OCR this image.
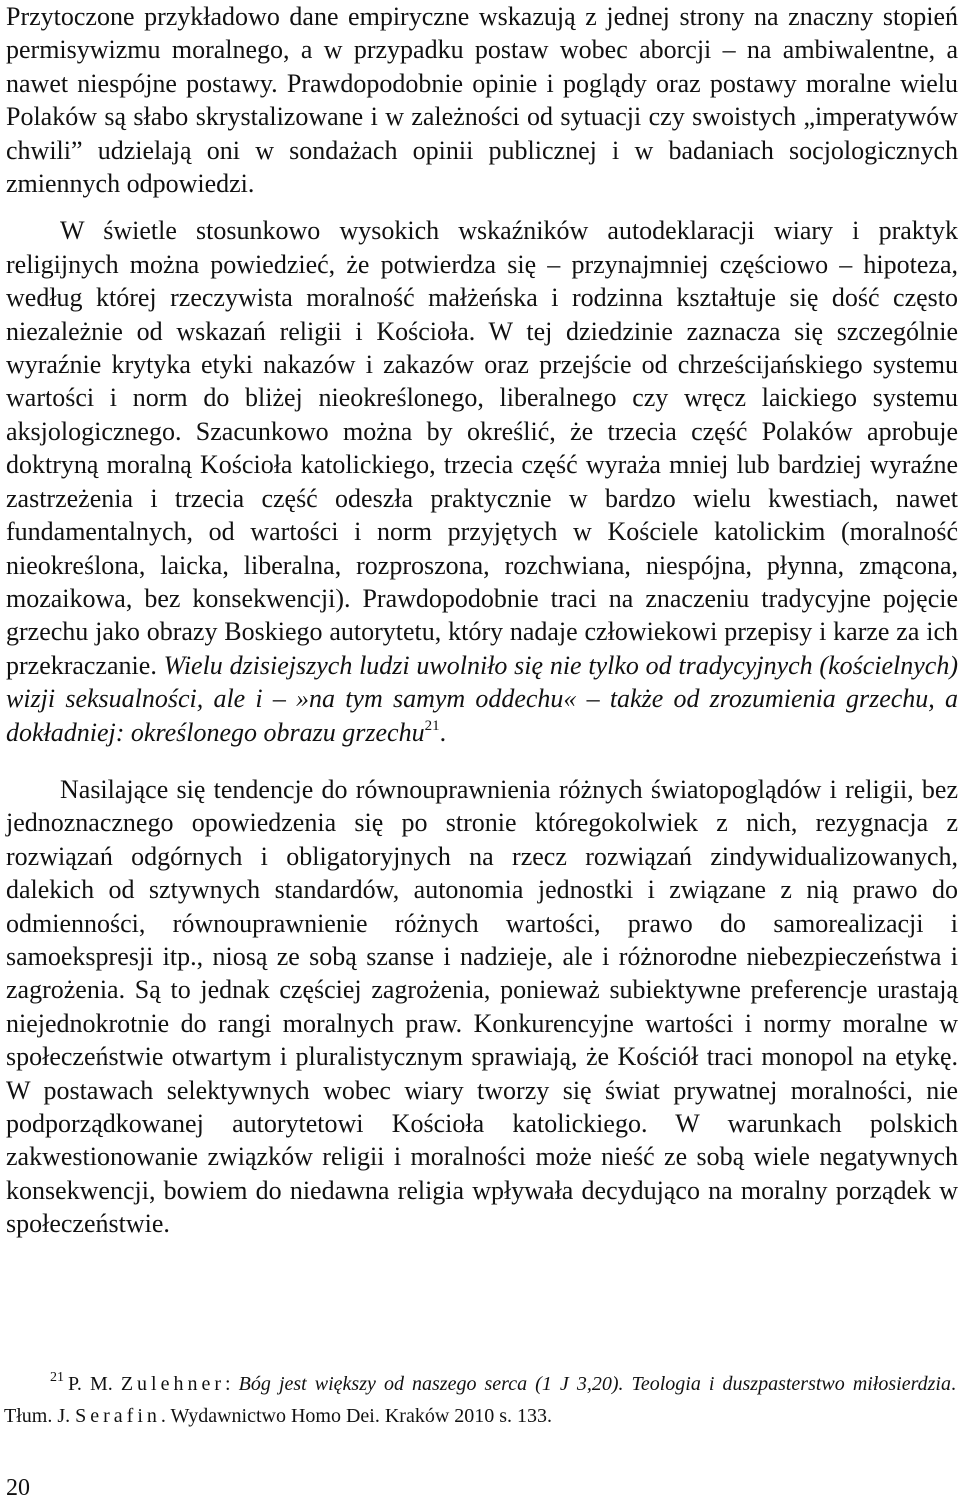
Przytoczone przykładowo dane empiryczne wskazują z jednej strony na znaczny stopień permisywizmu moralnego, a w przypadku postaw wobec aborcji – na ambiwalentne, a nawet niespójne postawy. Prawdopodobnie opinie i poglądy oraz postawy moralne wielu Polaków są słabo skrystalizowane i w zależności od sytuacji czy swoistych „imperatywów chwili” udzielają oni w sondażach opinii publicznej i w badaniach socjologicznych zmiennych odpowiedzi.

W świetle stosunkowo wysokich wskaźników autodeklaracji wiary i praktyk religijnych można powiedzieć, że potwierdza się – przynajmniej częściowo – hipoteza, według której rzeczywista moralność małżeńska i rodzinna kształtuje się dość często niezależnie od wskazań religii i Kościoła. W tej dziedzinie zaznacza się szczególnie wyraźnie krytyka etyki nakazów i zakazów oraz przejście od chrześcijańskiego systemu wartości i norm do bliżej nieokreślonego, liberalnego czy wręcz laickiego systemu aksjologicznego. Szacunkowo można by określić, że trzecia część Polaków aprobuje doktryną moralną Kościoła katolickiego, trzecia część wyraża mniej lub bardziej wyraźne zastrzeżenia i trzecia część odeszła praktycznie w bardzo wielu kwestiach, nawet fundamentalnych, od wartości i norm przyjętych w Kościele katolickim (moralność nieokreślona, laicka, liberalna, rozproszona, rozchwiana, niespójna, płynna, zmącona, mozaikowa, bez konsekwencji). Prawdopodobnie traci na znaczeniu tradycyjne pojęcie grzechu jako obrazy Boskiego autorytetu, który nadaje człowiekowi przepisy i karze za ich przekraczanie. Wielu dzisiejszych ludzi uwolniło się nie tylko od tradycyjnych (kościelnych) wizji seksualności, ale i – »na tym samym oddechu« – także od zrozumienia grzechu, a dokładniej: określonego obrazu grzechu$^{21}$.

Nasilające się tendencje do równouprawnienia różnych światopoglądów i religii, bez jednoznacznego opowiedzenia się po stronie któregokolwiek z nich, rezygnacja z rozwiązań odgórnych i obligatoryjnych na rzecz rozwiązań zindywidualizowanych, dalekich od sztywnych standardów, autonomia jednostki i związane z nią prawo do odmienności, równouprawnienie różnych wartości, prawo do samorealizacji i samoekspresji itp., niosą ze sobą szanse i nadzieje, ale i różnorodne niebezpieczeństwa i zagrożenia. Są to jednak częściej zagrożenia, ponieważ subiektywne preferencje urastają niejednokrotnie do rangi moralnych praw. Konkurencyjne wartości i normy moralne w społeczeństwie otwartym i pluralistycznym sprawiają, że Kościół traci monopol na etykę. W postawach selektywnych wobec wiary tworzy się świat prywatnej moralności, nie podporządkowanej autorytetowi Kościoła katolickiego. W warunkach polskich zakwestionowanie związków religii i moralności może nieść ze sobą wiele negatywnych konsekwencji, bowiem do niedawna religia wpływała decydująco na moralny porządek w społeczeństwie.

$^{21}$ P. M. Zulehner: Bóg jest większy od naszego serca (1 J 3,20). Teologia i duszpasterstwo miłosierdzia. Tłum. J. Serafin. Wydawnictwo Homo Dei. Kraków 2010 s. 133.

20
